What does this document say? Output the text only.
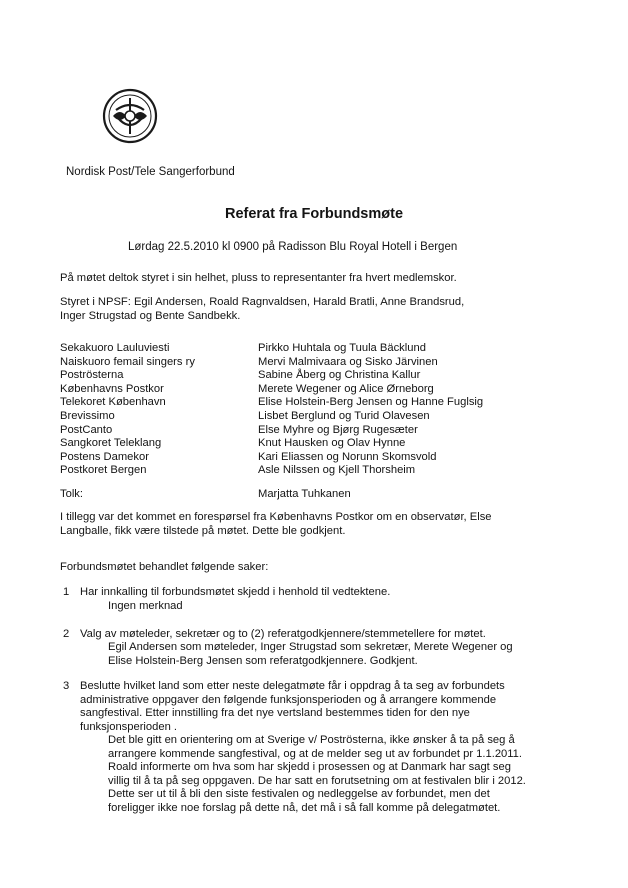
Nordisk Post/Tele Sangerforbund
Referat fra Forbundsmøte
Lørdag 22.5.2010 kl 0900 på Radisson Blu Royal Hotell i Bergen
På møtet deltok styret i sin helhet, pluss to representanter fra hvert medlemskor.

Styret i NPSF: Egil Andersen, Roald Ragnvaldsen, Harald Bratli, Anne Brandsrud,

Inger Strugstad og Bente Sandbekk.

Sekakuoro Lauluviesti	Pirkko Huhtala og Tuula Bäcklund
Naiskuoro femail singers ry	Mervi Malmivaara og Sisko Järvinen
Poströsterna	Sabine Åberg og Christina Kallur
Københavns Postkor	Merete Wegener og Alice Ørneborg
Telekoret København	Elise Holstein-Berg Jensen og Hanne Fuglsig
Brevissimo	Lisbet Berglund og Turid Olavesen
PostCanto	Else Myhre og Bjørg Rugesæter
Sangkoret Teleklang	Knut Hausken og Olav Hynne
Postens Damekor	Kari Eliassen og Norunn Skomsvold
Postkoret Bergen	Asle Nilssen og Kjell Thorsheim
Tolk:	Marjatta Tuhkanen

I tillegg var det kommet en forespørsel fra Københavns Postkor om en observatør, Else

Langballe, fikk være tilstede på møtet. Dette ble godkjent.

Forbundsmøtet behandlet følgende saker:
1 Har innkalling til forbundsmøtet skjedd i henhold til vedtektene.

Ingen merknad

2 Valg av møteleder, sekretær og to (2) referatgodkjennere/stemmetellere for møtet.

Egil Andersen som møteleder, Inger Strugstad som sekretær, Merete Wegener og

Elise Holstein-Berg Jensen som referatgodkjennere. Godkjent.

3 Beslutte hvilket land som etter neste delegatmøte får i oppdrag å ta seg av forbundets

administrative oppgaver den følgende funksjonsperioden og å arrangere kommende

sangfestival. Etter innstilling fra det nye vertsland bestemmes tiden for den nye

funksjonsperioden .

Det ble gitt en orientering om at Sverige v/ Poströsterna, ikke ønsker å ta på seg å

arrangere kommende sangfestival, og at de melder seg ut av forbundet pr 1.1.2011.

Roald informerte om hva som har skjedd i prosessen og at Danmark har sagt seg

villig til å ta på seg oppgaven. De har satt en forutsetning om at festivalen blir i 2012.

Dette ser ut til å bli den siste festivalen og nedleggelse av forbundet, men det

foreligger ikke noe forslag på dette nå, det må i så fall komme på delegatmøtet.
